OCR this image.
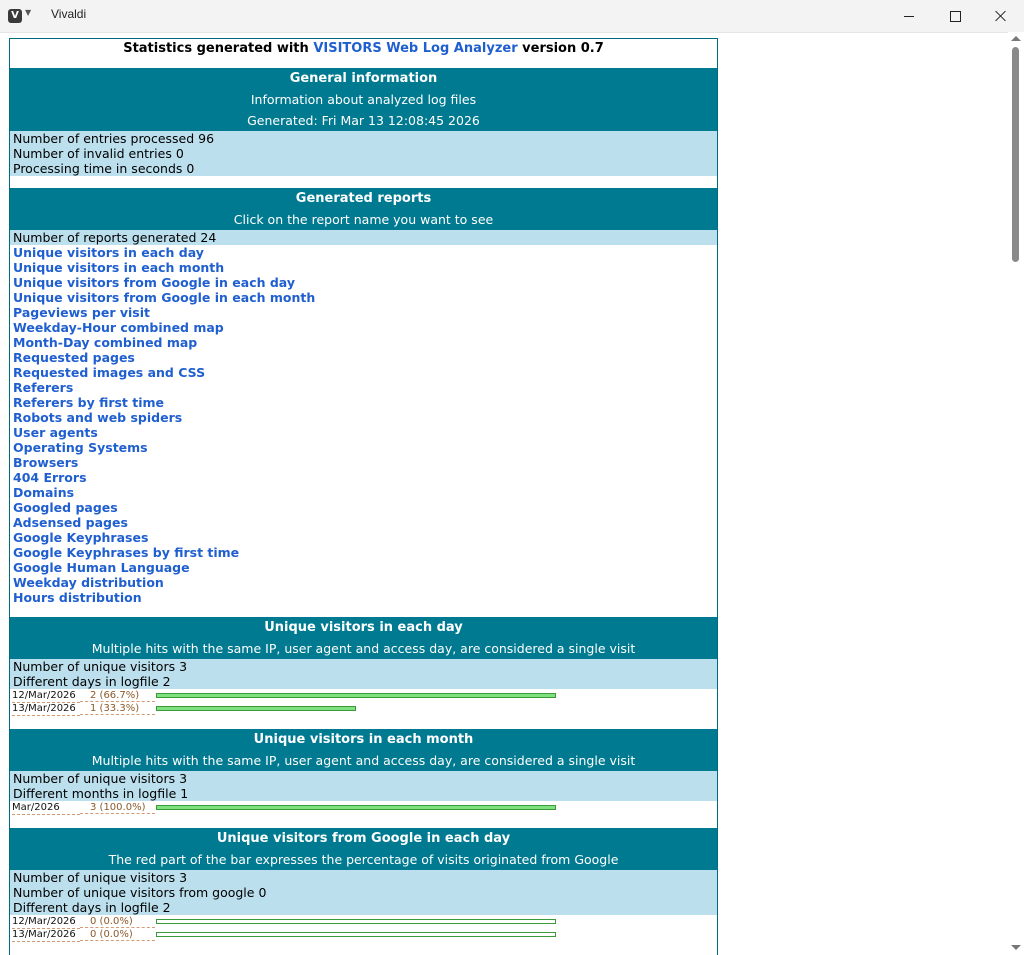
V ▼ Vivaldi
Statistics generated with VISITORS Web Log Analyzer version 0.7
General information
Information about analyzed log files
Generated: Fri Mar 13 12:08:45 2026
Number of entries processed 96
Number of invalid entries 0
Processing time in seconds 0
Generated reports
Click on the report name you want to see
Number of reports generated 24
Unique visitors in each day
Unique visitors in each month
Unique visitors from Google in each day
Unique visitors from Google in each month
Pageviews per visit
Weekday-Hour combined map
Month-Day combined map
Requested pages
Requested images and CSS
Referers
Referers by first time
Robots and web spiders
User agents
Operating Systems
Browsers
404 Errors
Domains
Googled pages
Adsensed pages
Google Keyphrases
Google Keyphrases by first time
Google Human Language
Weekday distribution
Hours distribution
Unique visitors in each day
Multiple hits with the same IP, user agent and access day, are considered a single visit
Number of unique visitors 3
Different days in logfile 2
12/Mar/2026	2 (66.7%)
13/Mar/2026	1 (33.3%)
Unique visitors in each month
Multiple hits with the same IP, user agent and access day, are considered a single visit
Number of unique visitors 3
Different months in logfile 1
Mar/2026	3 (100.0%)
Unique visitors from Google in each day
The red part of the bar expresses the percentage of visits originated from Google
Number of unique visitors 3
Number of unique visitors from google 0
Different days in logfile 2
12/Mar/2026	0 (0.0%)
13/Mar/2026	0 (0.0%)
